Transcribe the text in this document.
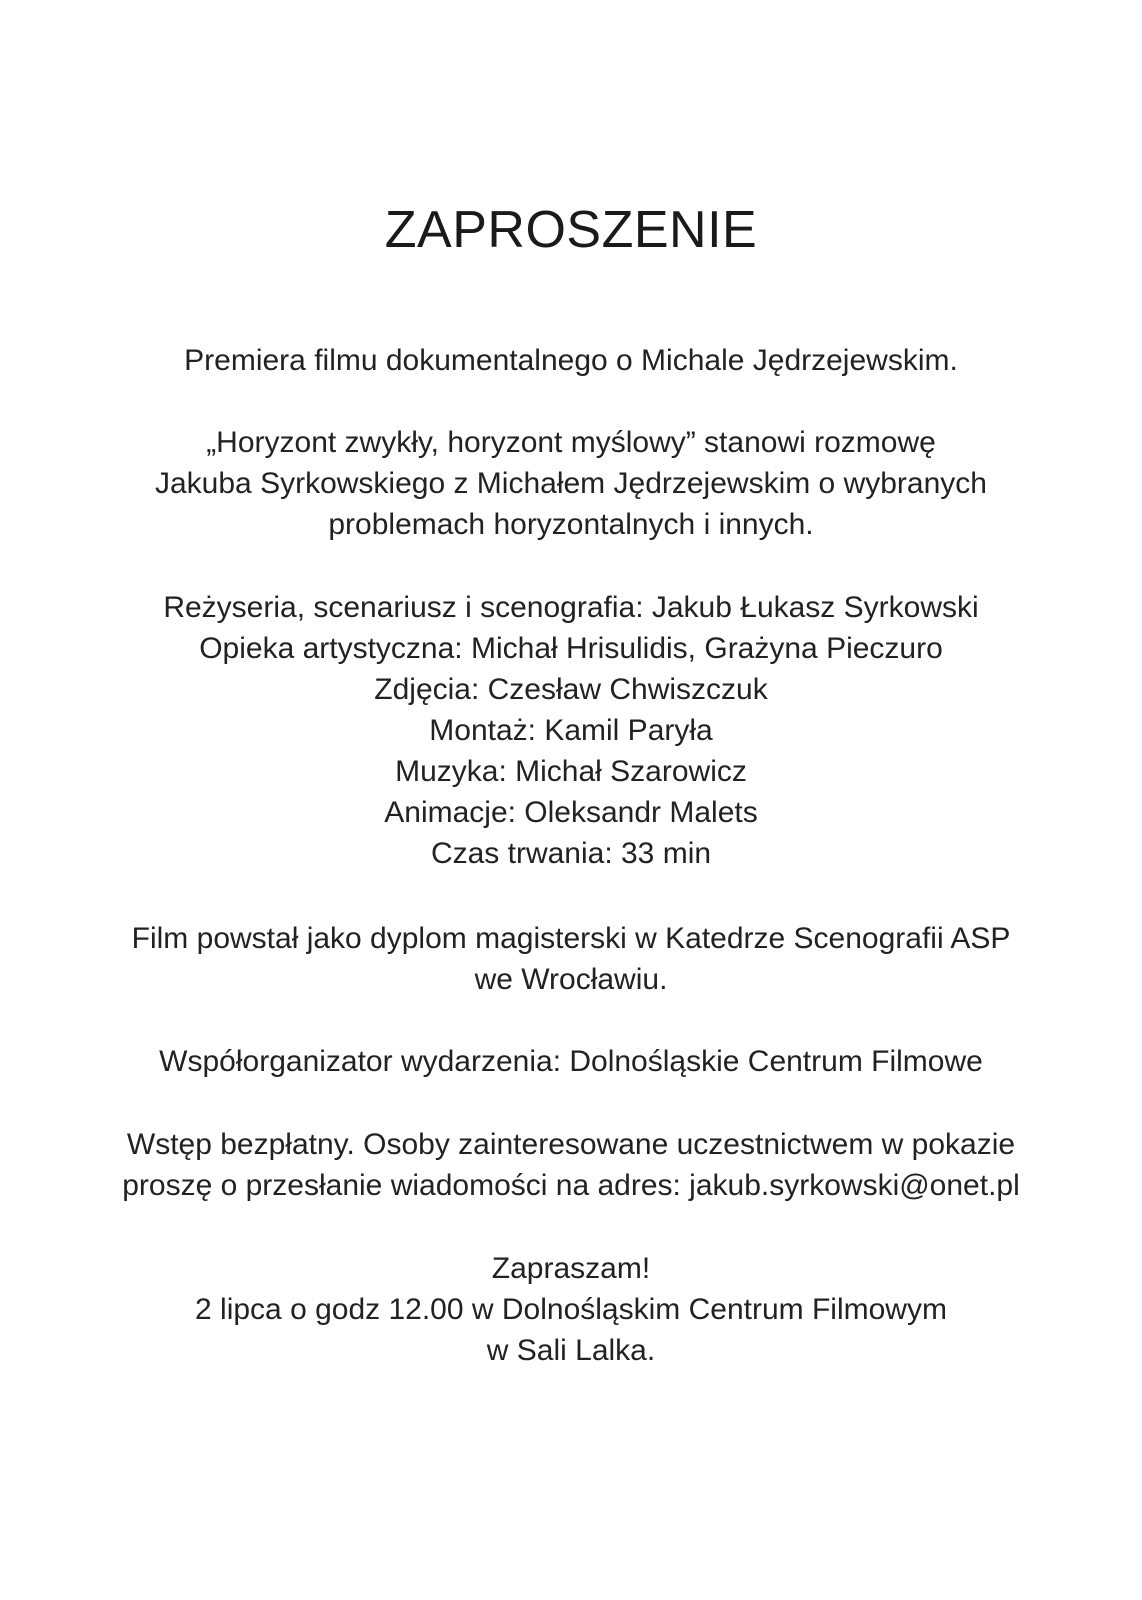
ZAPROSZENIE
Premiera filmu dokumentalnego o Michale Jędrzejewskim.
„Horyzont zwykły, horyzont myślowy” stanowi rozmowę
Jakuba Syrkowskiego z Michałem Jędrzejewskim o wybranych
problemach horyzontalnych i innych.
Reżyseria, scenariusz i scenografia: Jakub Łukasz Syrkowski
Opieka artystyczna: Michał Hrisulidis, Grażyna Pieczuro
Zdjęcia: Czesław Chwiszczuk
Montaż: Kamil Paryła
Muzyka: Michał Szarowicz
Animacje: Oleksandr Malets
Czas trwania: 33 min
Film powstał jako dyplom magisterski w Katedrze Scenografii ASP
we Wrocławiu.
Współorganizator wydarzenia: Dolnośląskie Centrum Filmowe
Wstęp bezpłatny. Osoby zainteresowane uczestnictwem w pokazie
proszę o przesłanie wiadomości na adres: jakub.syrkowski@onet.pl
Zapraszam!
2 lipca o godz 12.00 w Dolnośląskim Centrum Filmowym
w Sali Lalka.
